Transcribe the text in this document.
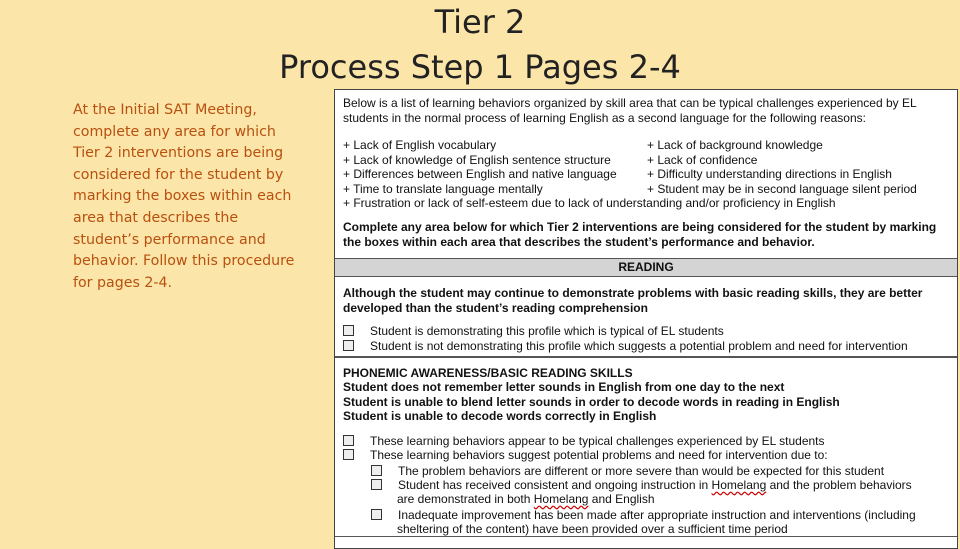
Tier 2
Process Step 1 Pages 2-4
At the Initial SAT Meeting, complete any area for which Tier 2 interventions are being considered for the student by marking the boxes within each area that describes the student’s performance and behavior. Follow this procedure for pages 2-4.

Below is a list of learning behaviors organized by skill area that can be typical challenges experienced by EL students in the normal process of learning English as a second language for the following reasons:

+ Lack of English vocabulary
+ Lack of knowledge of English sentence structure
+ Differences between English and native language
+ Time to translate language mentally
+ Lack of background knowledge
+ Lack of confidence
+ Difficulty understanding directions in English
+ Student may be in second language silent period
+ Frustration or lack of self-esteem due to lack of understanding and/or proficiency in English

Complete any area below for which Tier 2 interventions are being considered for the student by marking the boxes within each area that describes the student’s performance and behavior.

READING

Although the student may continue to demonstrate problems with basic reading skills, they are better developed than the student’s reading comprehension

Student is demonstrating this profile which is typical of EL students
Student is not demonstrating this profile which suggests a potential problem and need for intervention
PHONEMIC AWARENESS/BASIC READING SKILLS
Student does not remember letter sounds in English from one day to the next
Student is unable to blend letter sounds in order to decode words in reading in English
Student is unable to decode words correctly in English
These learning behaviors appear to be typical challenges experienced by EL students
These learning behaviors suggest potential problems and need for intervention due to:
The problem behaviors are different or more severe than would be expected for this student
Student has received consistent and ongoing instruction in Homelang and the problem behaviors
are demonstrated in both Homelang and English
Inadequate improvement has been made after appropriate instruction and interventions (including
sheltering of the content) have been provided over a sufficient time period
